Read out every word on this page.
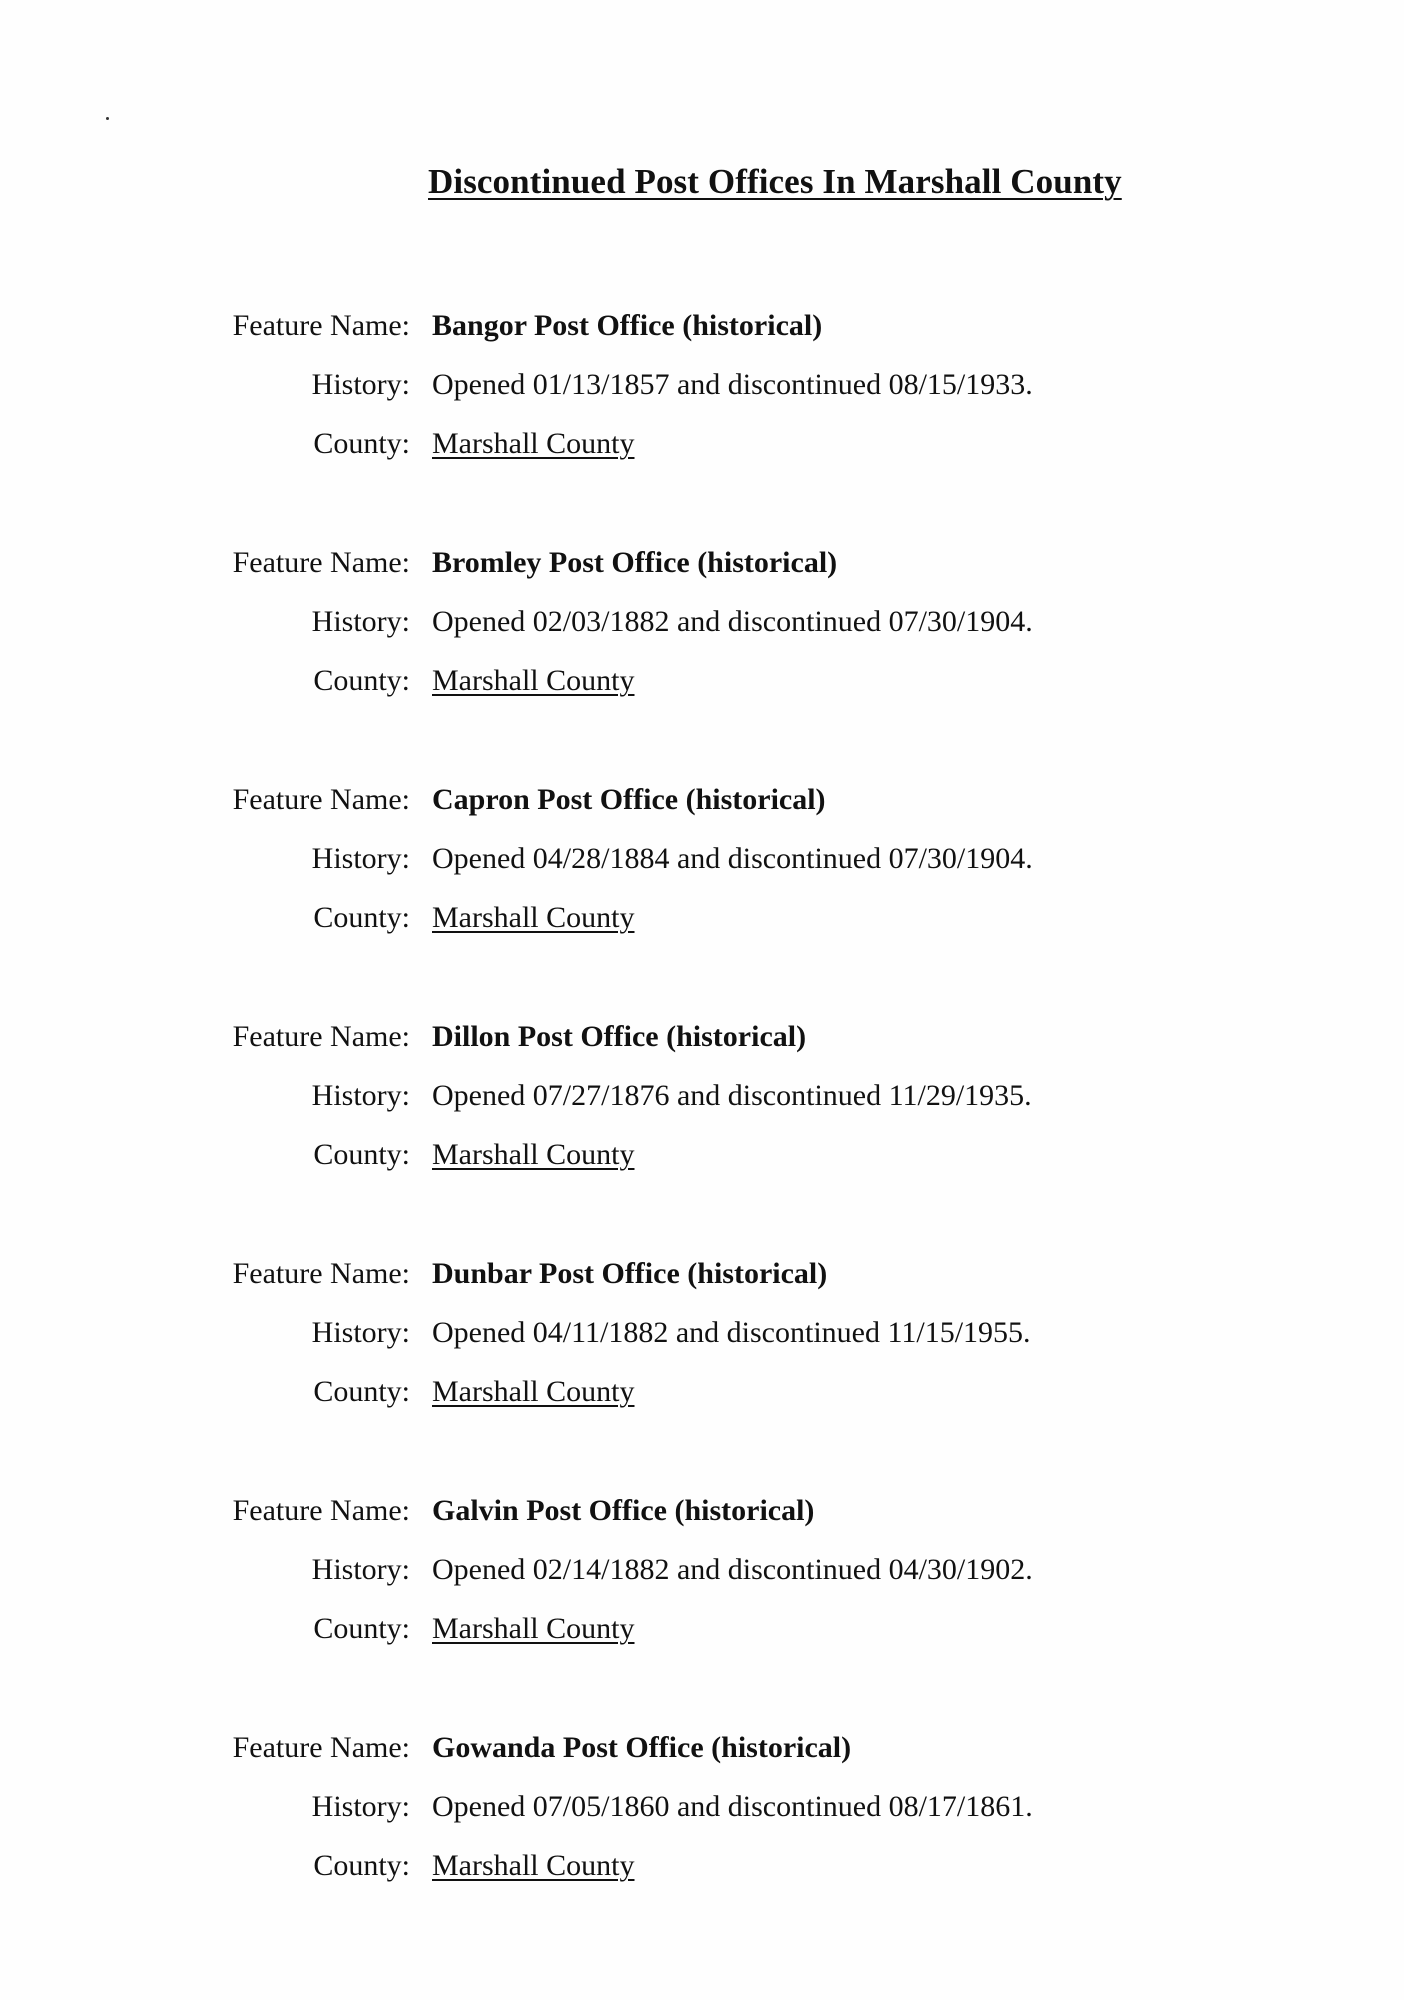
Discontinued Post Offices In Marshall County
Feature Name: Bangor Post Office (historical)
History: Opened 01/13/1857 and discontinued 08/15/1933.
County: Marshall County
Feature Name: Bromley Post Office (historical)
History: Opened 02/03/1882 and discontinued 07/30/1904.
County: Marshall County
Feature Name: Capron Post Office (historical)
History: Opened 04/28/1884 and discontinued 07/30/1904.
County: Marshall County
Feature Name: Dillon Post Office (historical)
History: Opened 07/27/1876 and discontinued 11/29/1935.
County: Marshall County
Feature Name: Dunbar Post Office (historical)
History: Opened 04/11/1882 and discontinued 11/15/1955.
County: Marshall County
Feature Name: Galvin Post Office (historical)
History: Opened 02/14/1882 and discontinued 04/30/1902.
County: Marshall County
Feature Name: Gowanda Post Office (historical)
History: Opened 07/05/1860 and discontinued 08/17/1861.
County: Marshall County
